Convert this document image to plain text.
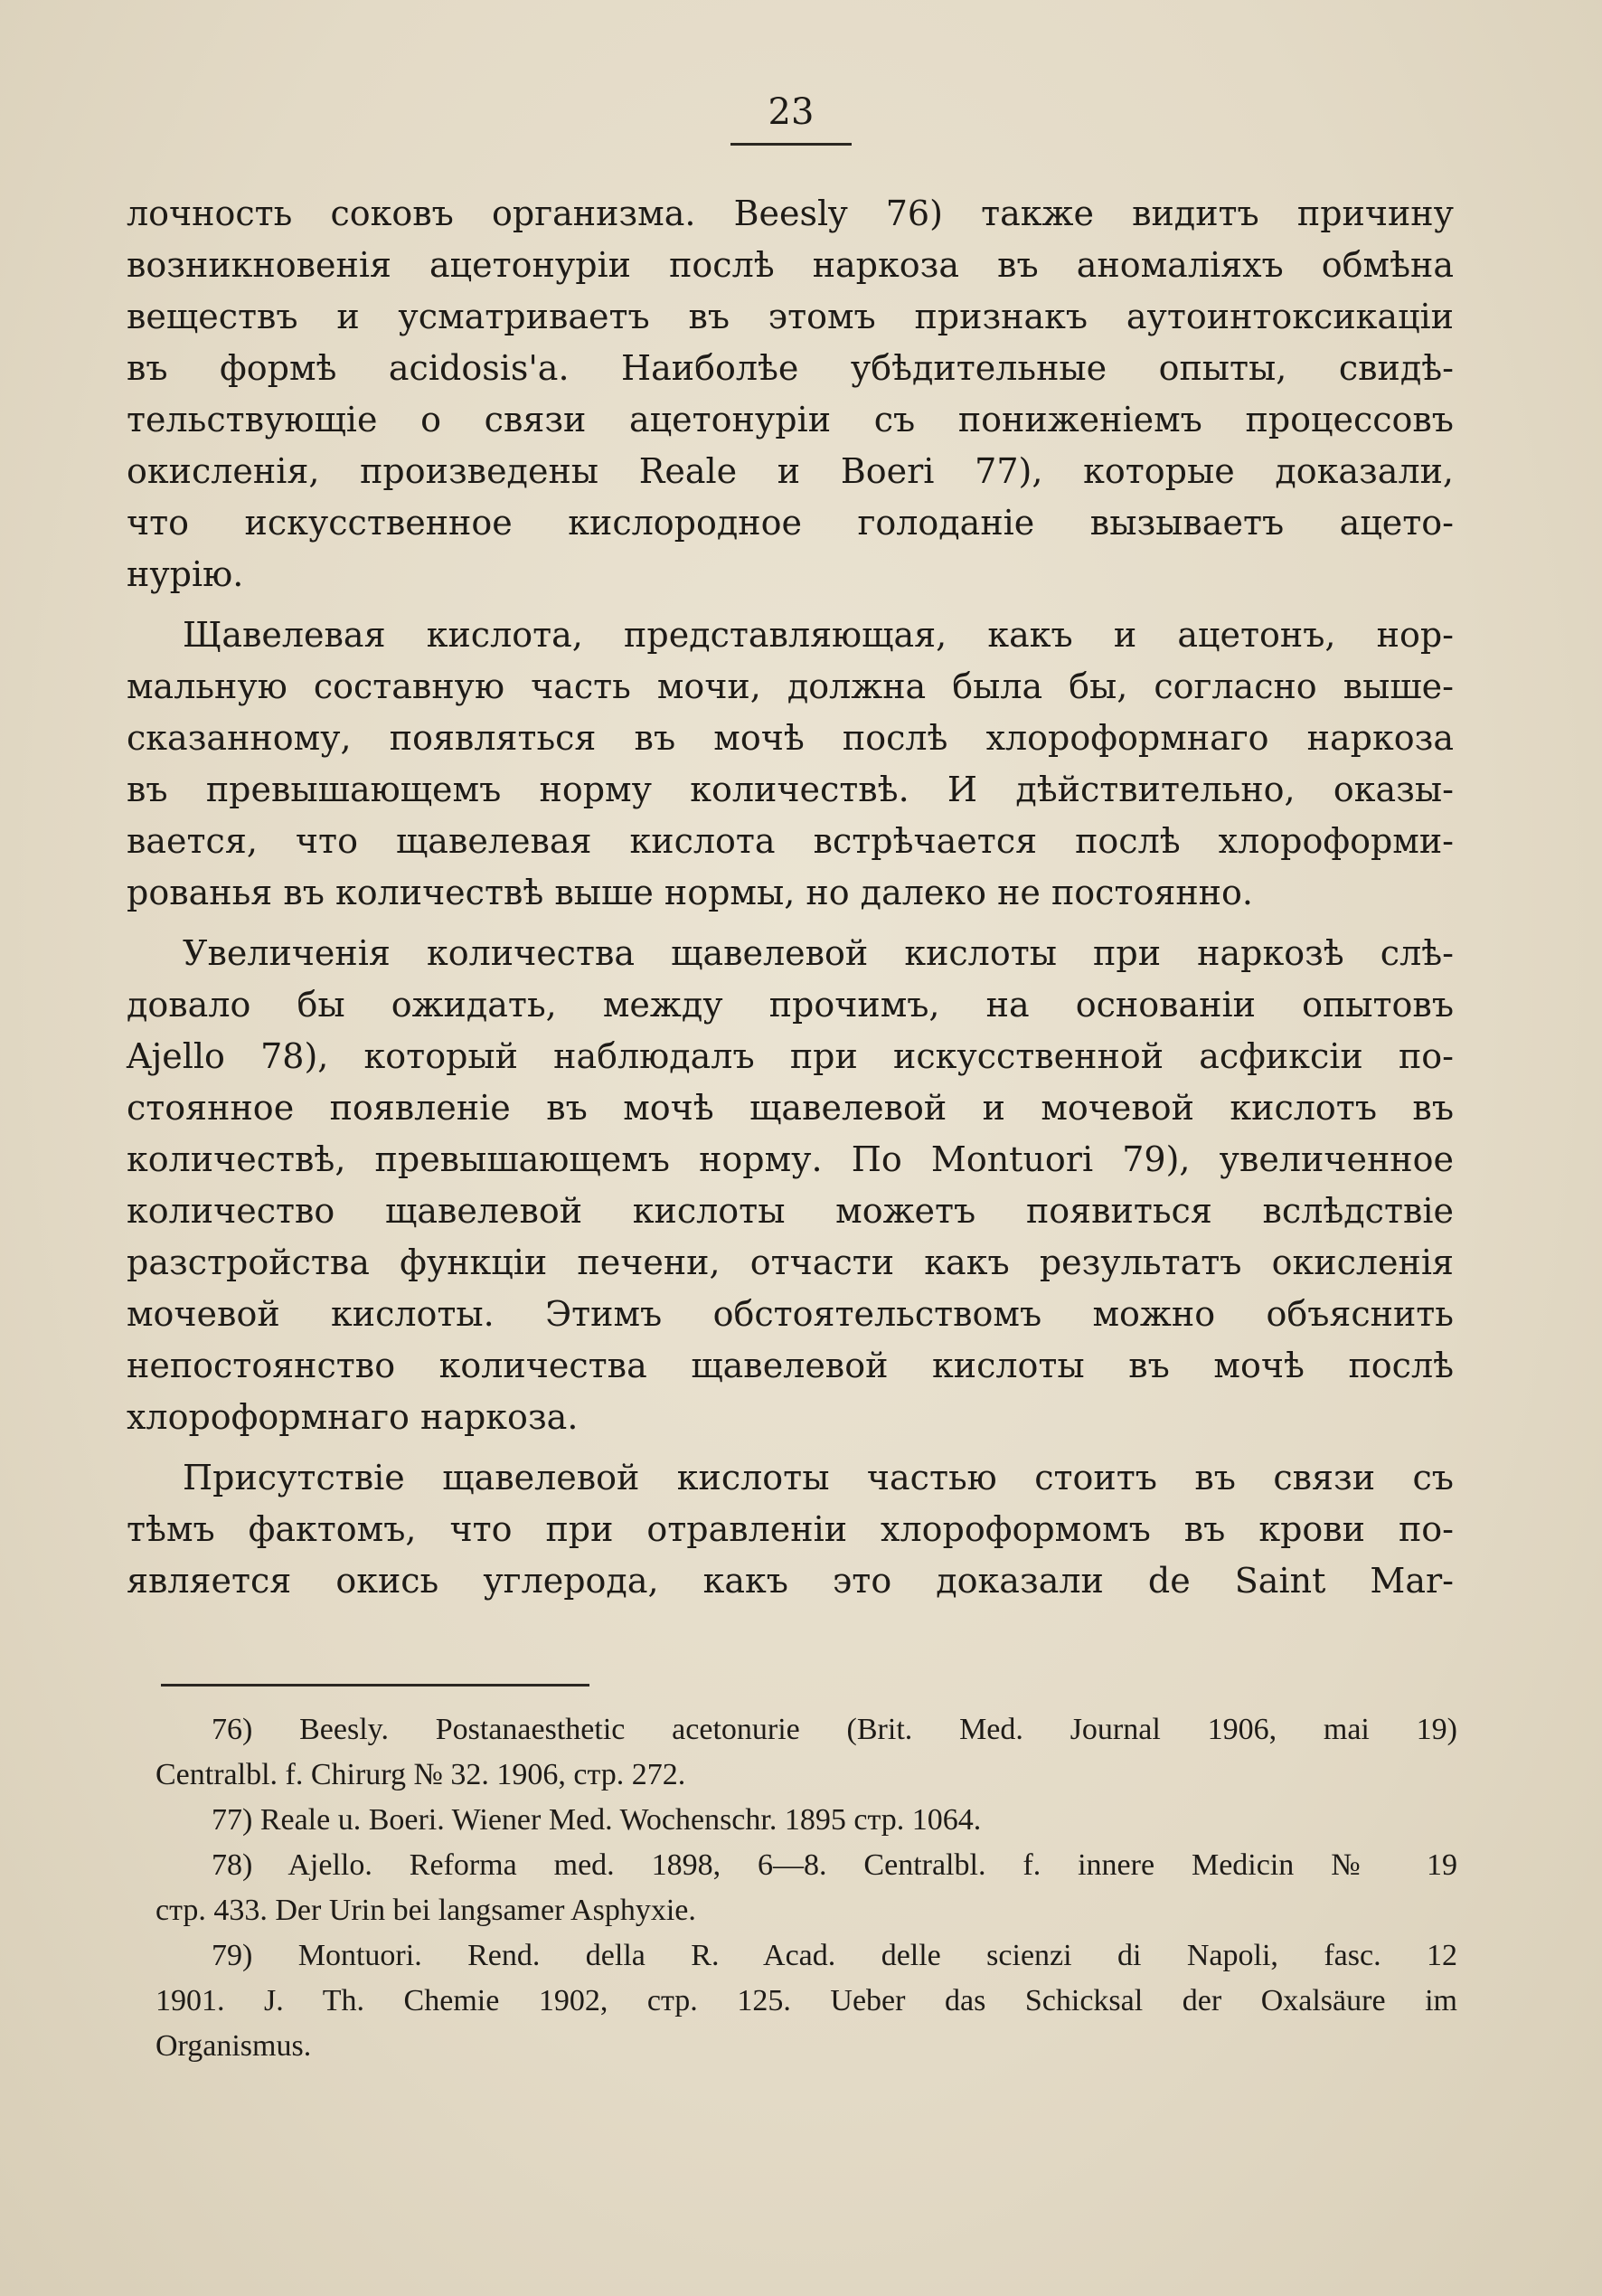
23
лочность соковъ организма. Beesly 76) также видитъ причину
возникновенія ацетонуріи послѣ наркоза въ аномаліяхъ обмѣна
веществъ и усматриваетъ въ этомъ признакъ аутоинтоксикаціи
въ формѣ acidosis'a. Наиболѣе убѣдительные опыты, свидѣ-
тельствующіе о связи ацетонуріи съ пониженіемъ процессовъ
окисленія, произведены Reale и Boeri 77), которые доказали,
что искусственное кислородное голоданіе вызываетъ ацето-
нурію.
Щавелевая кислота, представляющая, какъ и ацетонъ, нор-
мальную составную часть мочи, должна была бы, согласно вышe-
сказанному, появляться въ мочѣ послѣ хлороформнаго наркоза
въ превышающемъ норму количествѣ. И дѣйствительно, оказы-
вается, что щавелевая кислота встрѣчается послѣ хлороформи-
рованья въ количествѣ выше нормы, но далеко не постоянно.
Увеличенія количества щавелевой кислоты при наркозѣ слѣ-
довало бы ожидать, между прочимъ, на основаніи опытовъ
Ajello 78), который наблюдалъ при искусственной асфиксіи по-
стоянное появленіе въ мочѣ щавелевой и мочевой кислотъ въ
количествѣ, превышающемъ норму. По Montuori 79), увеличенное
количество щавелевой кислоты можетъ появиться вслѣдствіе
разстройства функціи печени, отчасти какъ результатъ окисленія
мочевой кислоты. Этимъ обстоятельствомъ можно объяснить
непостоянство количества щавелевой кислоты въ мочѣ послѣ
хлороформнаго наркоза.
Присутствіе щавелевой кислоты частью стоитъ въ связи съ
тѣмъ фактомъ, что при отравленіи хлороформомъ въ крови по-
является окись углерода, какъ это доказали de Saint Mar-
76) Beesly. Postanaesthetic acetonurie (Brit. Med. Journal 1906, mai 19)
Centralbl. f. Chirurg № 32. 1906, стр. 272.
77) Reale u. Boeri. Wiener Med. Wochenschr. 1895 стр. 1064.
78) Ajello. Reforma med. 1898, 6—8. Centralbl. f. innere Medicin № 19
стр. 433. Der Urin bei langsamer Asphyxie.
79) Montuori. Rend. della R. Acad. delle scienzi di Napoli, fasc. 12
1901. J. Th. Chemie 1902, стр. 125. Ueber das Schicksal der Oxalsäure im
Organismus.
